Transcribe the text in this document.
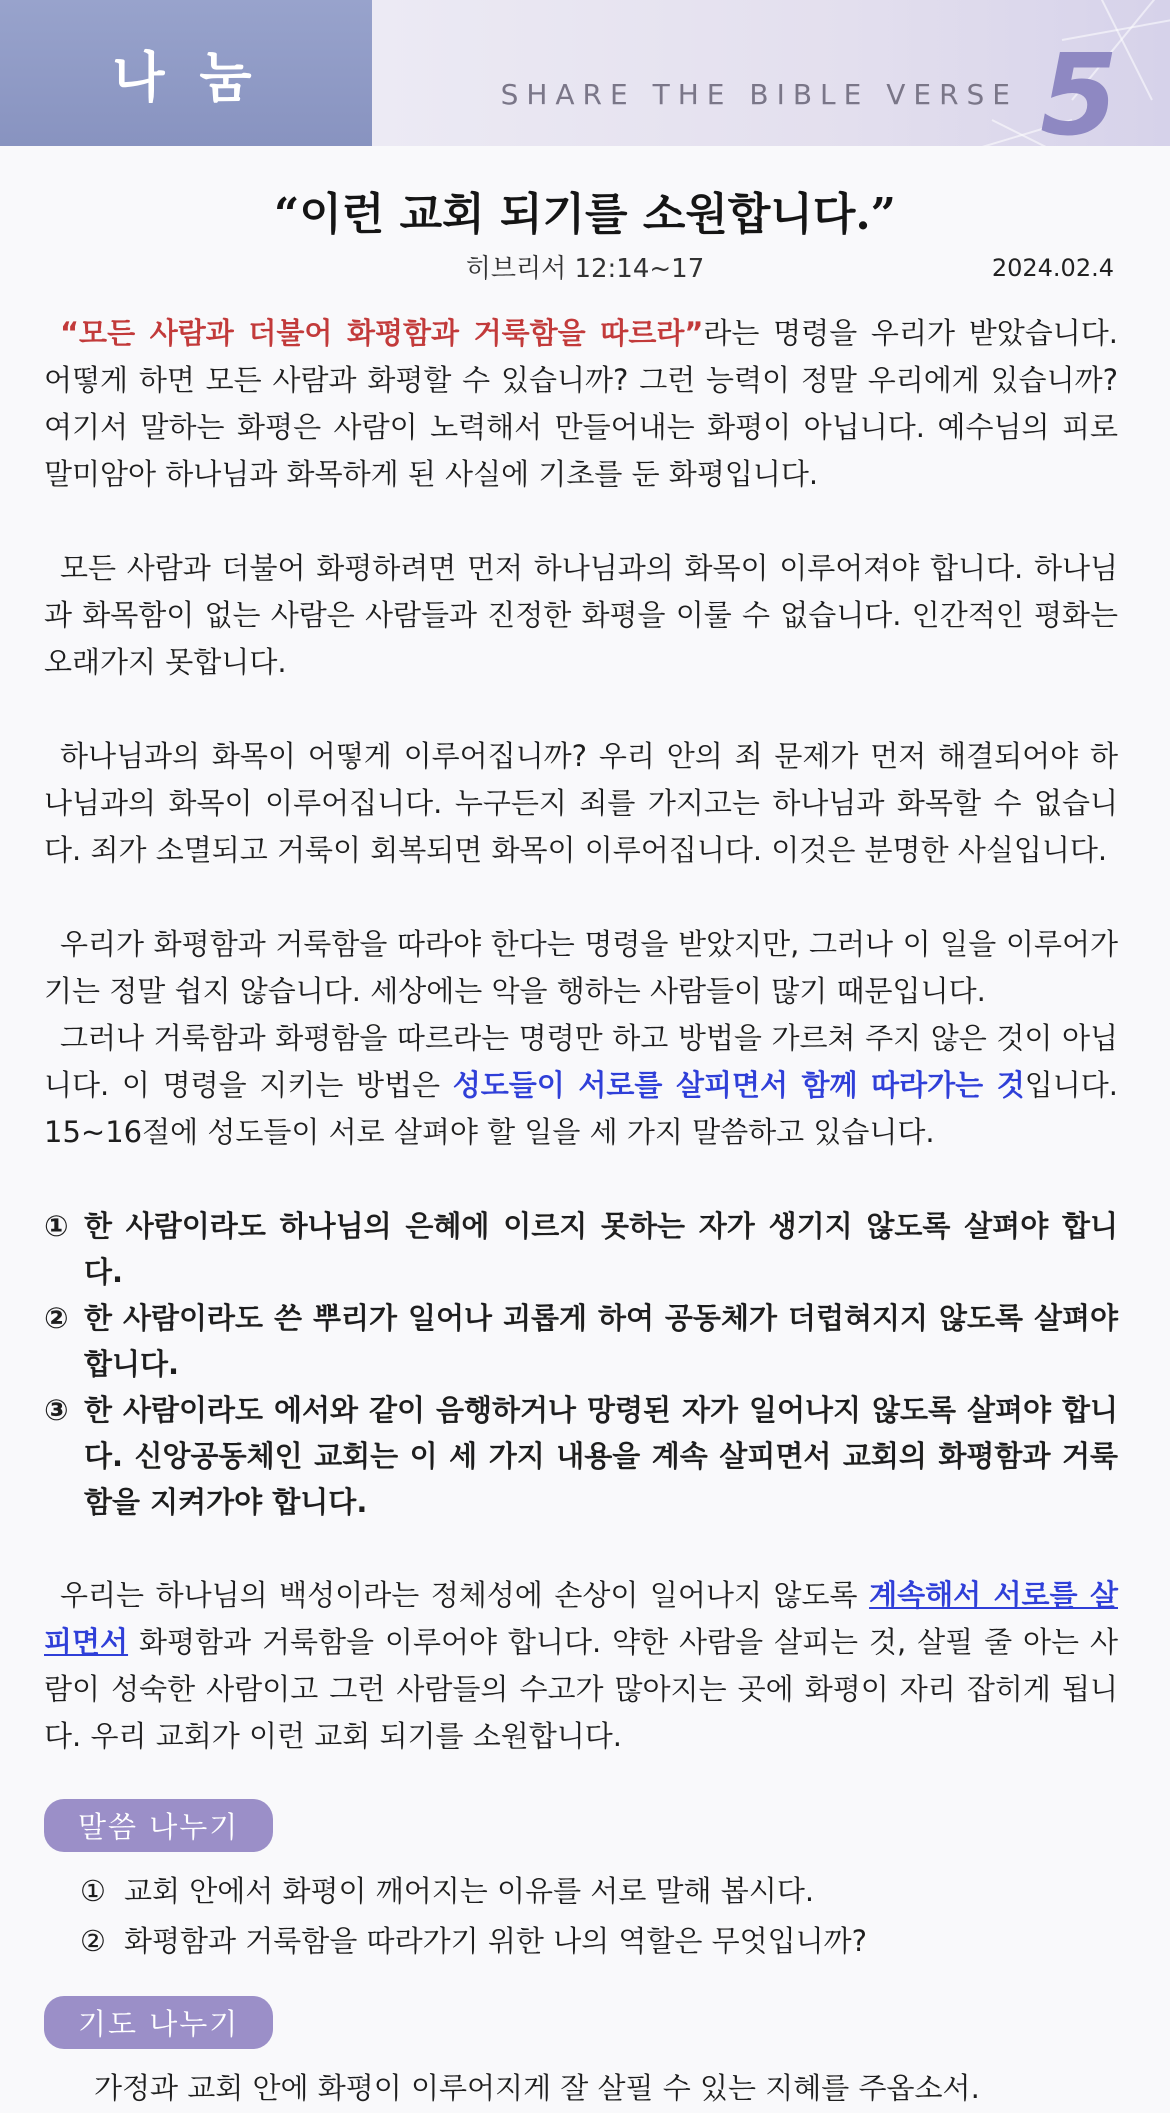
나 눔	SHARE THE BIBLE VERSE 5
“이런 교회 되기를 소원합니다.”
히브리서 12:14~17	2024.02.4

“모든 사람과 더불어 화평함과 거룩함을 따르라”라는 명령을 우리가 받았습니다. 어떻게 하면 모든 사람과 화평할 수 있습니까? 그런 능력이 정말 우리에게 있습니까? 여기서 말하는 화평은 사람이 노력해서 만들어내는 화평이 아닙니다. 예수님의 피로 말미암아 하나님과 화목하게 된 사실에 기초를 둔 화평입니다.

모든 사람과 더불어 화평하려면 먼저 하나님과의 화목이 이루어져야 합니다. 하나님과 화목함이 없는 사람은 사람들과 진정한 화평을 이룰 수 없습니다. 인간적인 평화는 오래가지 못합니다.

하나님과의 화목이 어떻게 이루어집니까? 우리 안의 죄 문제가 먼저 해결되어야 하나님과의 화목이 이루어집니다. 누구든지 죄를 가지고는 하나님과 화목할 수 없습니다. 죄가 소멸되고 거룩이 회복되면 화목이 이루어집니다. 이것은 분명한 사실입니다.

우리가 화평함과 거룩함을 따라야 한다는 명령을 받았지만, 그러나 이 일을 이루어가기는 정말 쉽지 않습니다. 세상에는 악을 행하는 사람들이 많기 때문입니다.
그러나 거룩함과 화평함을 따르라는 명령만 하고 방법을 가르쳐 주지 않은 것이 아닙니다. 이 명령을 지키는 방법은 성도들이 서로를 살피면서 함께 따라가는 것입니다. 15~16절에 성도들이 서로 살펴야 할 일을 세 가지 말씀하고 있습니다.

① 한 사람이라도 하나님의 은혜에 이르지 못하는 자가 생기지 않도록 살펴야 합니다.
② 한 사람이라도 쓴 뿌리가 일어나 괴롭게 하여 공동체가 더럽혀지지 않도록 살펴야 합니다.
③ 한 사람이라도 에서와 같이 음행하거나 망령된 자가 일어나지 않도록 살펴야 합니다. 신앙공동체인 교회는 이 세 가지 내용을 계속 살피면서 교회의 화평함과 거룩함을 지켜가야 합니다.

우리는 하나님의 백성이라는 정체성에 손상이 일어나지 않도록 계속해서 서로를 살피면서 화평함과 거룩함을 이루어야 합니다. 약한 사람을 살피는 것, 살필 줄 아는 사람이 성숙한 사람이고 그런 사람들의 수고가 많아지는 곳에 화평이 자리 잡히게 됩니다. 우리 교회가 이런 교회 되기를 소원합니다.

말씀 나누기
① 교회 안에서 화평이 깨어지는 이유를 서로 말해 봅시다.
② 화평함과 거룩함을 따라가기 위한 나의 역할은 무엇입니까?
기도 나누기
가정과 교회 안에 화평이 이루어지게 잘 살필 수 있는 지혜를 주옵소서.
